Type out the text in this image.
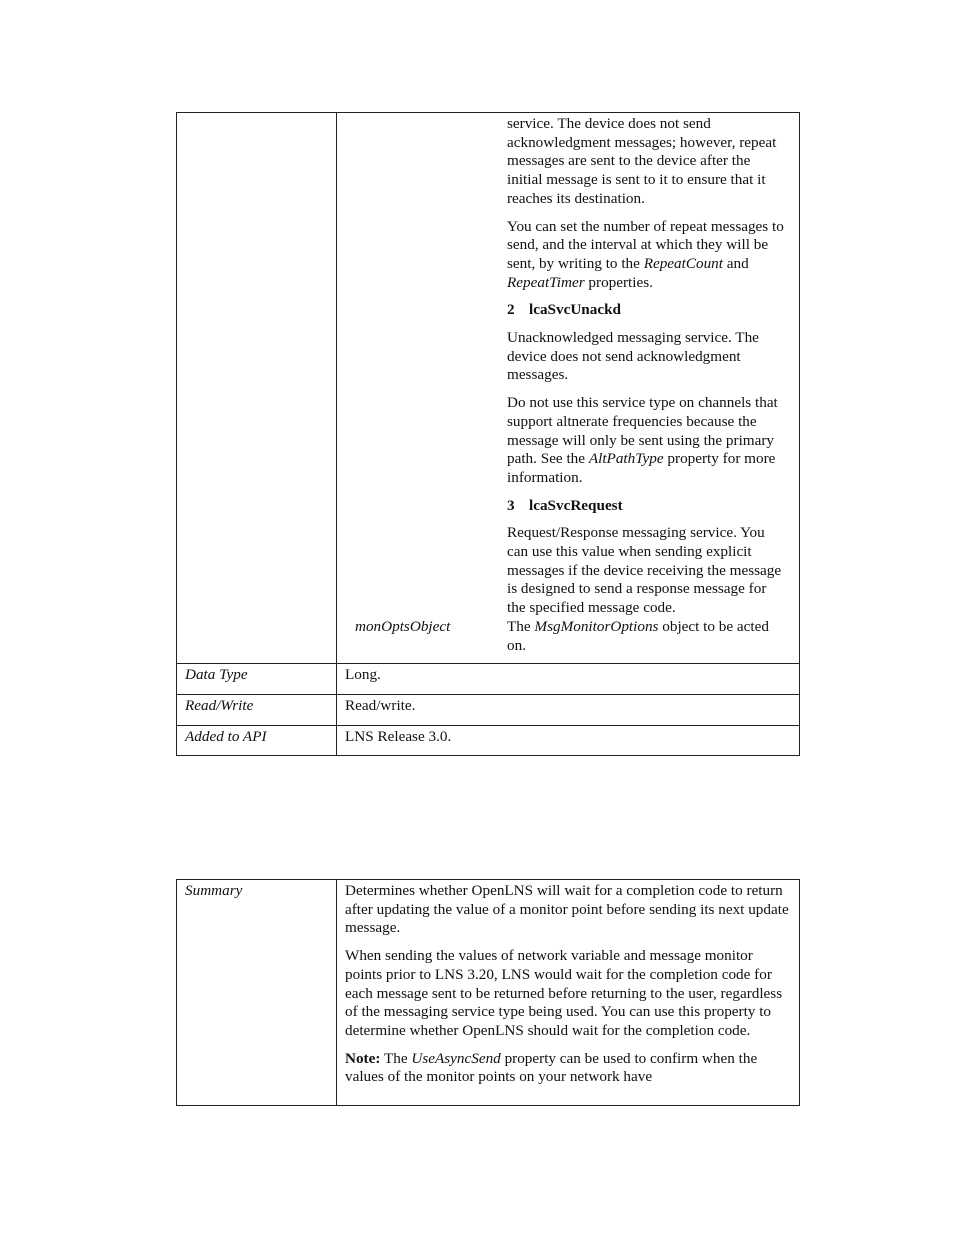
service. The device does not send acknowledgment messages; however, repeat messages are sent to the device after the initial message is sent to it to ensure that it reaches its destination.

You can set the number of repeat messages to send, and the interval at which they will be sent, by writing to the RepeatCount and RepeatTimer properties.

2 lcaSvcUnackd

Unacknowledged messaging service. The device does not send acknowledgment messages.

Do not use this service type on channels that support altnerate frequencies because the message will only be sent using the primary path. See the AltPathType property for more information.

3 lcaSvcRequest

Request/Response messaging service. You can use this value when sending explicit messages if the device receiving the message is designed to send a response message for the specified message code.

monOptsObject	The MsgMonitorOptions object to be acted on.
Data Type	Long.
Read/Write	Read/write.
Added to API	LNS Release 3.0.
Summary	Determines whether OpenLNS will wait for a completion code to return after updating the value of a monitor point before sending its next update message.

When sending the values of network variable and message monitor points prior to LNS 3.20, LNS would wait for the completion code for each message sent to be returned before returning to the user, regardless of the messaging service type being used. You can use this property to determine whether OpenLNS should wait for the completion code.

Note: The UseAsyncSend property can be used to confirm when the values of the monitor points on your network have
